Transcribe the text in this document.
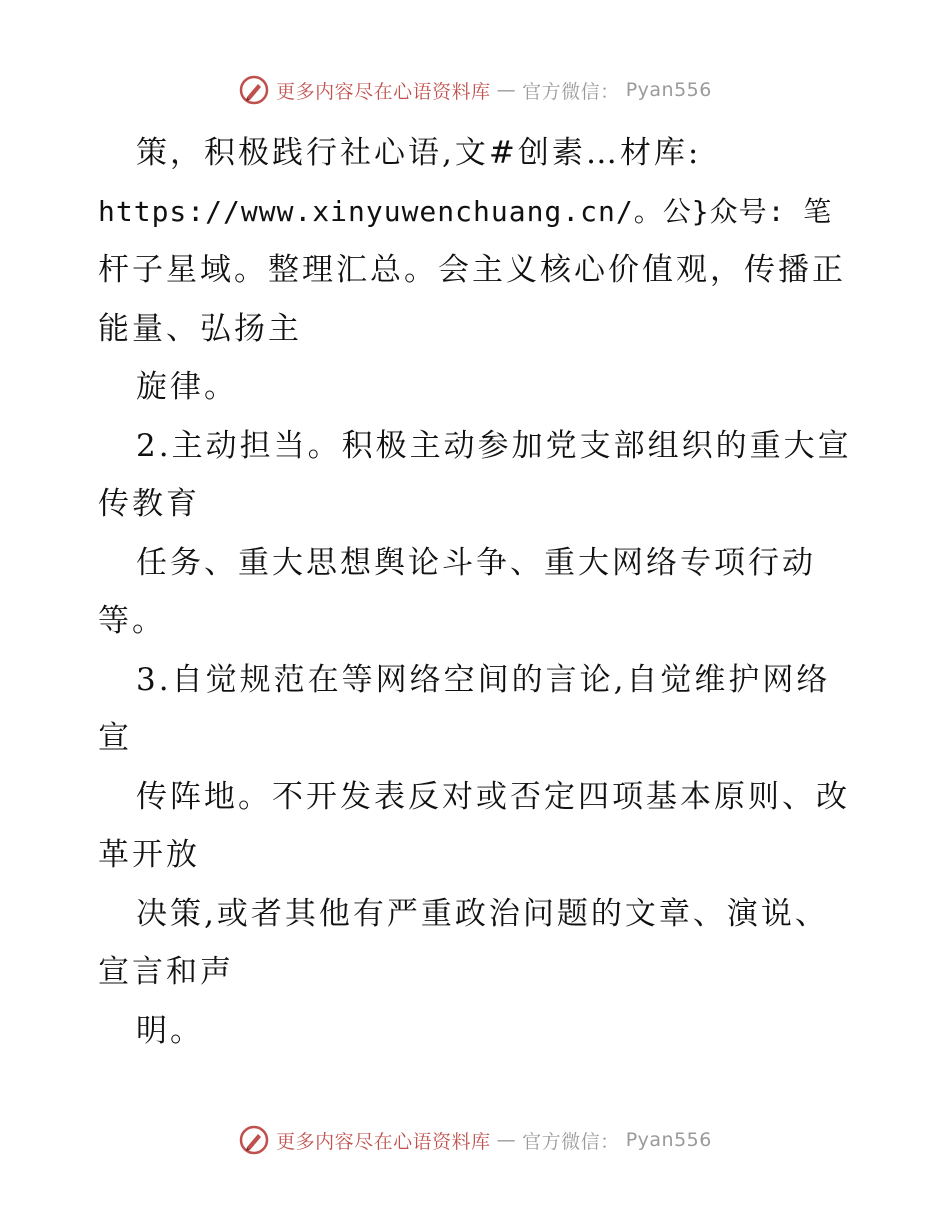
更多内容尽在心语资料库 — 官方微信： Pyan556
策，积极践行社心语,文#创素…材库:
https://www.xinyuwenchuang.cn/。公}众号: 笔
杆子星域。整理汇总。会主义核心价值观，传播正
能量、弘扬主
旋律。
2.主动担当。积极主动参加党支部组织的重大宣
传教育
任务、重大思想舆论斗争、重大网络专项行动
等。
3.自觉规范在等网络空间的言论,自觉维护网络
宣
传阵地。不开发表反对或否定四项基本原则、改
革开放
决策,或者其他有严重政治问题的文章、演说、
宣言和声
明。
更多内容尽在心语资料库 — 官方微信： Pyan556
